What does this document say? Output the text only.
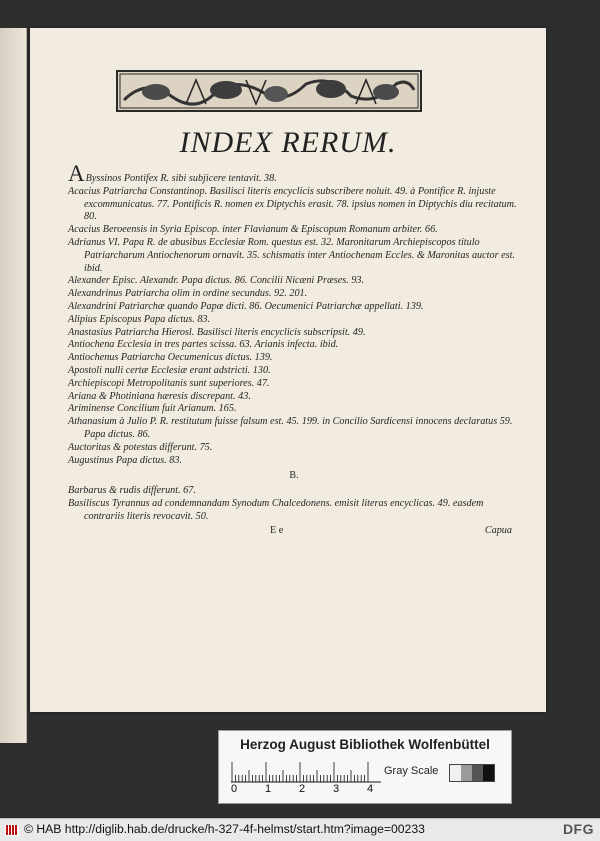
INDEX RERUM.

AByssinos Pontifex R. sibi subjicere tentavit. 38.

Acacius Patriarcha Constantinop. Basilisci literis encyclicis subscribere noluit. 49. à Pontifice R. injuste excommunicatus. 77. Pontificis R. nomen ex Diptychis erasit. 78. ipsius nomen in Diptychis diu recitatum. 80.

Acacius Beroeensis in Syria Episcop. inter Flavianum & Episcopum Romanum arbiter. 66.

Adrianus VI. Papa R. de abusibus Ecclesiæ Rom. questus est. 32. Maronitarum Archiepiscopos titulo Patriarcharum Antiochenorum ornavit. 35. schismatis inter Antiochenam Eccles. & Maronitas auctor est. ibid.

Alexander Episc. Alexandr. Papa dictus. 86. Concilii Nicæni Præses. 93.

Alexandrinus Patriarcha olim in ordine secundus. 92. 201.

Alexandrini Patriarchæ quando Papæ dicti. 86. Oecumenici Patriarchæ appellati. 139.

Alipius Episcopus Papa dictus. 83.

Anastasius Patriarcha Hierosl. Basilisci literis encyclicis subscripsit. 49.

Antiochena Ecclesia in tres partes scissa. 63. Arianis infecta. ibid.

Antiochenus Patriarcha Oecumenicus dictus. 139.

Apostoli nulli certæ Ecclesiæ erant adstricti. 130.

Archiepiscopi Metropolitanis sunt superiores. 47.

Ariana & Photiniana hæresis discrepant. 43.

Ariminense Concilium fuit Arianum. 165.

Athanasium à Julio P. R. restitutum fuisse falsum est. 45. 199. in Concilio Sardicensi innocens declaratus 59. Papa dictus. 86.

Auctoritas & potestas differunt. 75.

Augustinus Papa dictus. 83.

B.

Barbarus & rudis differunt. 67.

Basiliscus Tyrannus ad condemnandam Synodum Chalcedonens. emisit literas encyclicas. 49. easdem contrariis literis revocavit. 50.

E e	Capua
Herzog August Bibliothek Wolfenbüttel
0	1	2	3	4
Gray Scale
© HAB http://diglib.hab.de/drucke/h-327-4f-helmst/start.htm?image=00233	DFG
